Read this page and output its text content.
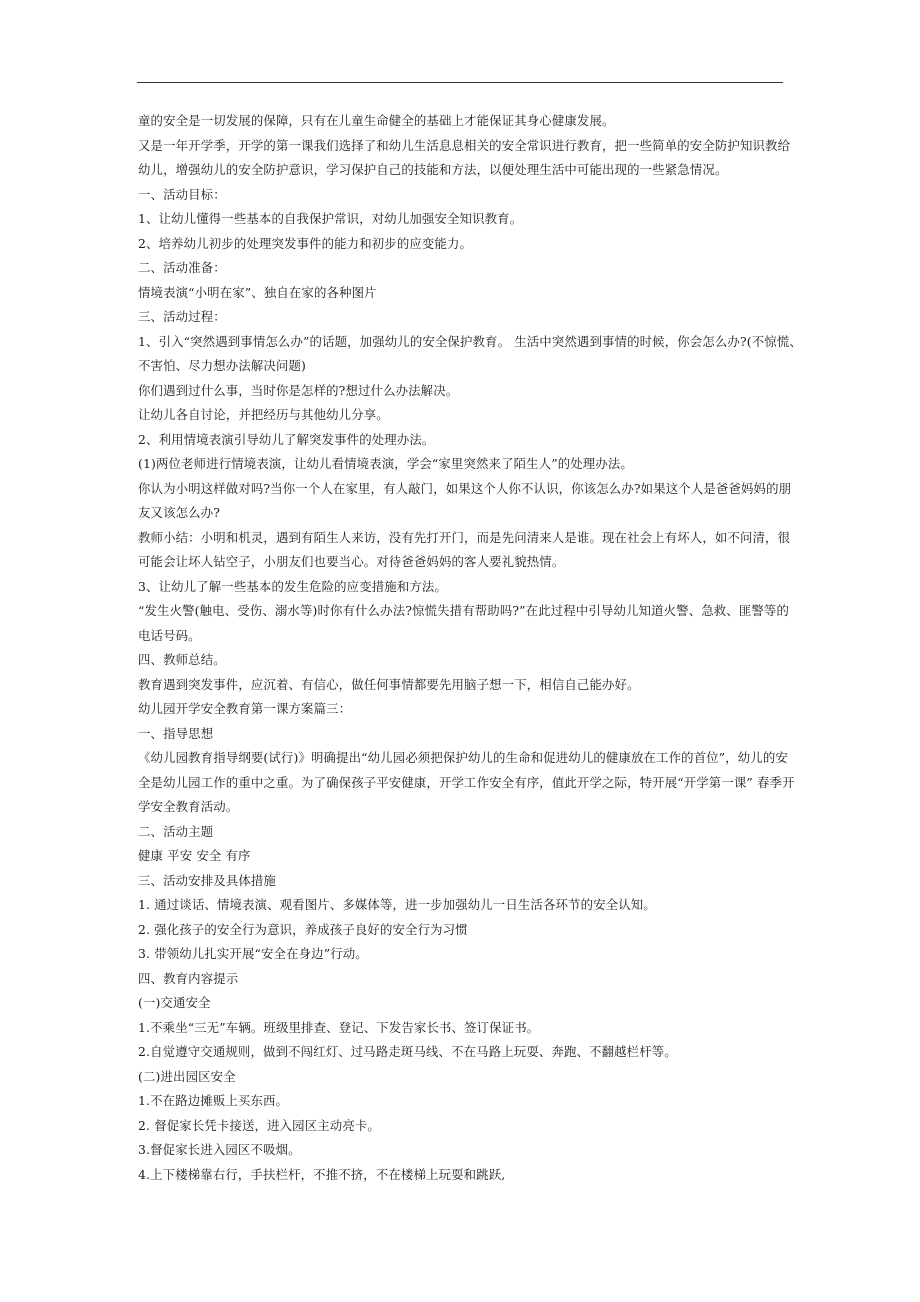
童的安全是一切发展的保障，只有在儿童生命健全的基础上才能保证其身心健康发展。
又是一年开学季，开学的第一课我们选择了和幼儿生活息息相关的安全常识进行教育，把一些简单的安全防护知识教给
幼儿，增强幼儿的安全防护意识，学习保护自己的技能和方法，以便处理生活中可能出现的一些紧急情况。
一、活动目标：
1、让幼儿懂得一些基本的自我保护常识，对幼儿加强安全知识教育。
2、培养幼儿初步的处理突发事件的能力和初步的应变能力。
二、活动准备：
情境表演“小明在家”、独自在家的各种图片
三、活动过程：
1、引入“突然遇到事情怎么办”的话题，加强幼儿的安全保护教育。 生活中突然遇到事情的时候，你会怎么办?(不惊慌、
不害怕、尽力想办法解决问题)
你们遇到过什么事，当时你是怎样的?想过什么办法解决。
让幼儿各自讨论，并把经历与其他幼儿分享。
2、利用情境表演引导幼儿了解突发事件的处理办法。
(1)两位老师进行情境表演，让幼儿看情境表演，学会“家里突然来了陌生人”的处理办法。
你认为小明这样做对吗?当你一个人在家里，有人敲门，如果这个人你不认识，你该怎么办?如果这个人是爸爸妈妈的朋
友又该怎么办?
教师小结：小明和机灵，遇到有陌生人来访，没有先打开门，而是先问清来人是谁。现在社会上有坏人，如不问清，很
可能会让坏人钻空子，小朋友们也要当心。对待爸爸妈妈的客人要礼貌热情。
3、让幼儿了解一些基本的发生危险的应变措施和方法。
“发生火警(触电、受伤、溺水等)时你有什么办法?惊慌失措有帮助吗?”在此过程中引导幼儿知道火警、急救、匪警等的
电话号码。
四、教师总结。
教育遇到突发事件，应沉着、有信心，做任何事情都要先用脑子想一下，相信自己能办好。
幼儿园开学安全教育第一课方案篇三：
一、指导思想
《幼儿园教育指导纲要(试行)》明确提出“幼儿园必须把保护幼儿的生命和促进幼儿的健康放在工作的首位”，幼儿的安
全是幼儿园工作的重中之重。为了确保孩子平安健康，开学工作安全有序，值此开学之际，特开展“开学第一课” 春季开
学安全教育活动。
二、活动主题
健康 平安 安全 有序
三、活动安排及具体措施
1. 通过谈话、情境表演、观看图片、多媒体等，进一步加强幼儿一日生活各环节的安全认知。
2. 强化孩子的安全行为意识，养成孩子良好的安全行为习惯
3. 带领幼儿扎实开展“安全在身边”行动。
四、教育内容提示
(一)交通安全
1.不乘坐“三无”车辆。班级里排查、登记、下发告家长书、签订保证书。
2.自觉遵守交通规则，做到不闯红灯、过马路走斑马线、不在马路上玩耍、奔跑、不翻越栏杆等。
(二)进出园区安全
1.不在路边摊贩上买东西。
2. 督促家长凭卡接送，进入园区主动亮卡。
3.督促家长进入园区不吸烟。
4.上下楼梯靠右行，手扶栏杆，不推不挤，不在楼梯上玩耍和跳跃,
